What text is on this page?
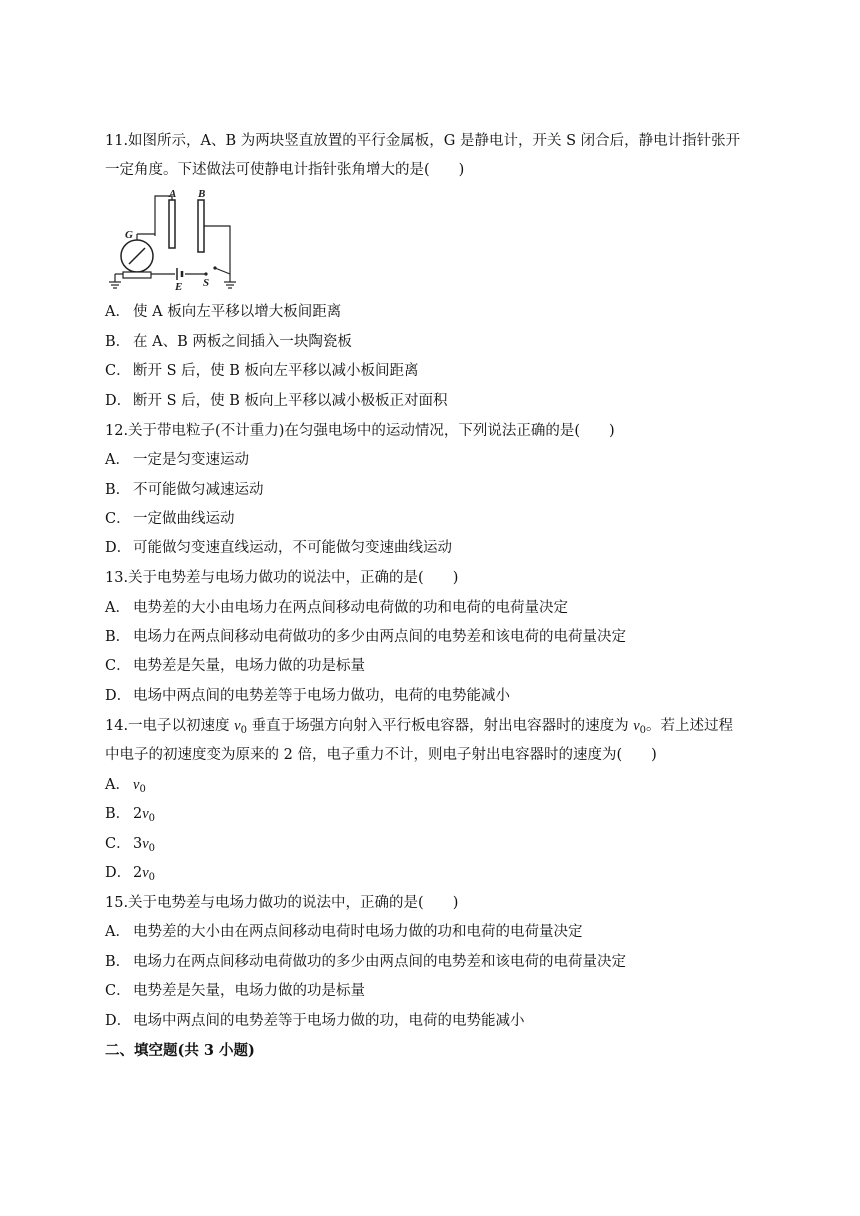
11.如图所示，A、B 为两块竖直放置的平行金属板，G 是静电计，开关 S 闭合后，静电计指针张开
一定角度。下述做法可使静电计指针张角增大的是(　　)
A B
G
E S
A． 使 A 板向左平移以增大板间距离
B． 在 A、B 两板之间插入一块陶瓷板
C． 断开 S 后，使 B 板向左平移以减小板间距离
D． 断开 S 后，使 B 板向上平移以减小极板正对面积
12.关于带电粒子(不计重力)在匀强电场中的运动情况，下列说法正确的是(　　)
A． 一定是匀变速运动
B． 不可能做匀减速运动
C． 一定做曲线运动
D． 可能做匀变速直线运动，不可能做匀变速曲线运动
13.关于电势差与电场力做功的说法中，正确的是(　　)
A． 电势差的大小由电场力在两点间移动电荷做的功和电荷的电荷量决定
B． 电场力在两点间移动电荷做功的多少由两点间的电势差和该电荷的电荷量决定
C． 电势差是矢量，电场力做的功是标量
D． 电场中两点间的电势差等于电场力做功，电荷的电势能减小
14.一电子以初速度 $v_0$ 垂直于场强方向射入平行板电容器，射出电容器时的速度为 $v_0$。若上述过程
中电子的初速度变为原来的 2 倍，电子重力不计，则电子射出电容器时的速度为(　　)
A． $v_0$
B． $2v_0$
C． $3v_0$
D． $2v_0$
15.关于电势差与电场力做功的说法中，正确的是(　　)
A． 电势差的大小由在两点间移动电荷时电场力做的功和电荷的电荷量决定
B． 电场力在两点间移动电荷做功的多少由两点间的电势差和该电荷的电荷量决定
C． 电势差是矢量，电场力做的功是标量
D． 电场中两点间的电势差等于电场力做的功，电荷的电势能减小
二、填空题(共 3 小题)
